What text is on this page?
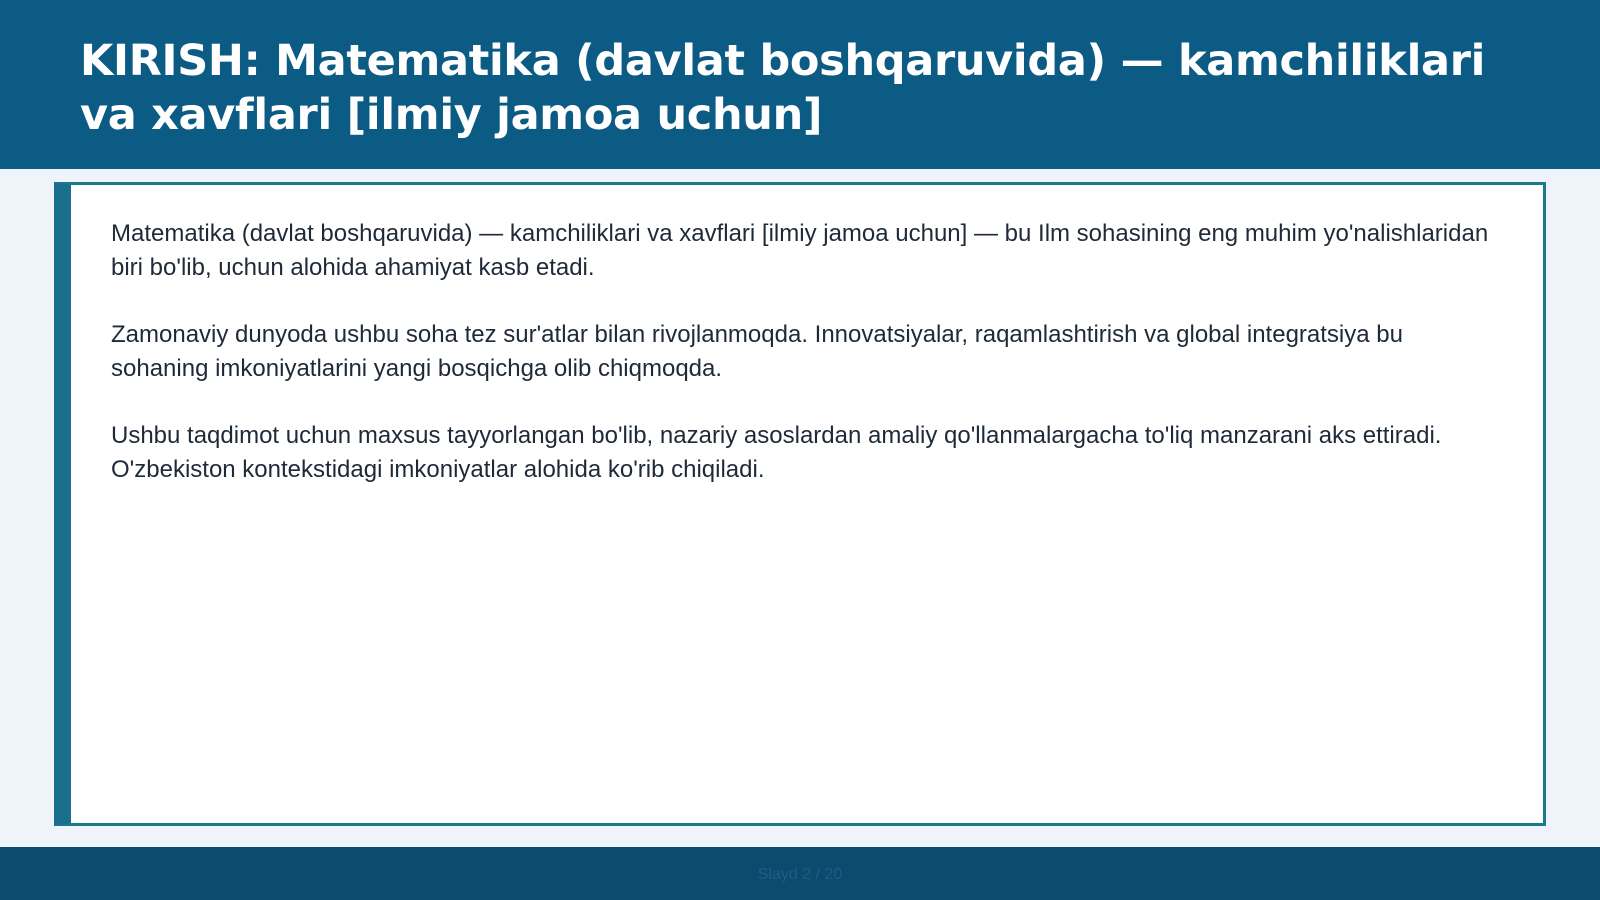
KIRISH: Matematika (davlat boshqaruvida) — kamchiliklari va xavflari [ilmiy jamoa uchun]

Matematika (davlat boshqaruvida) — kamchiliklari va xavflari [ilmiy jamoa uchun] — bu Ilm sohasining eng muhim yo'nalishlaridan biri bo'lib, uchun alohida ahamiyat kasb etadi.

Zamonaviy dunyoda ushbu soha tez sur'atlar bilan rivojlanmoqda. Innovatsiyalar, raqamlashtirish va global integratsiya bu sohaning imkoniyatlarini yangi bosqichga olib chiqmoqda.

Ushbu taqdimot uchun maxsus tayyorlangan bo'lib, nazariy asoslardan amaliy qo'llanmalargacha to'liq manzarani aks ettiradi. O'zbekiston kontekstidagi imkoniyatlar alohida ko'rib chiqiladi.

Slayd 2 / 20
